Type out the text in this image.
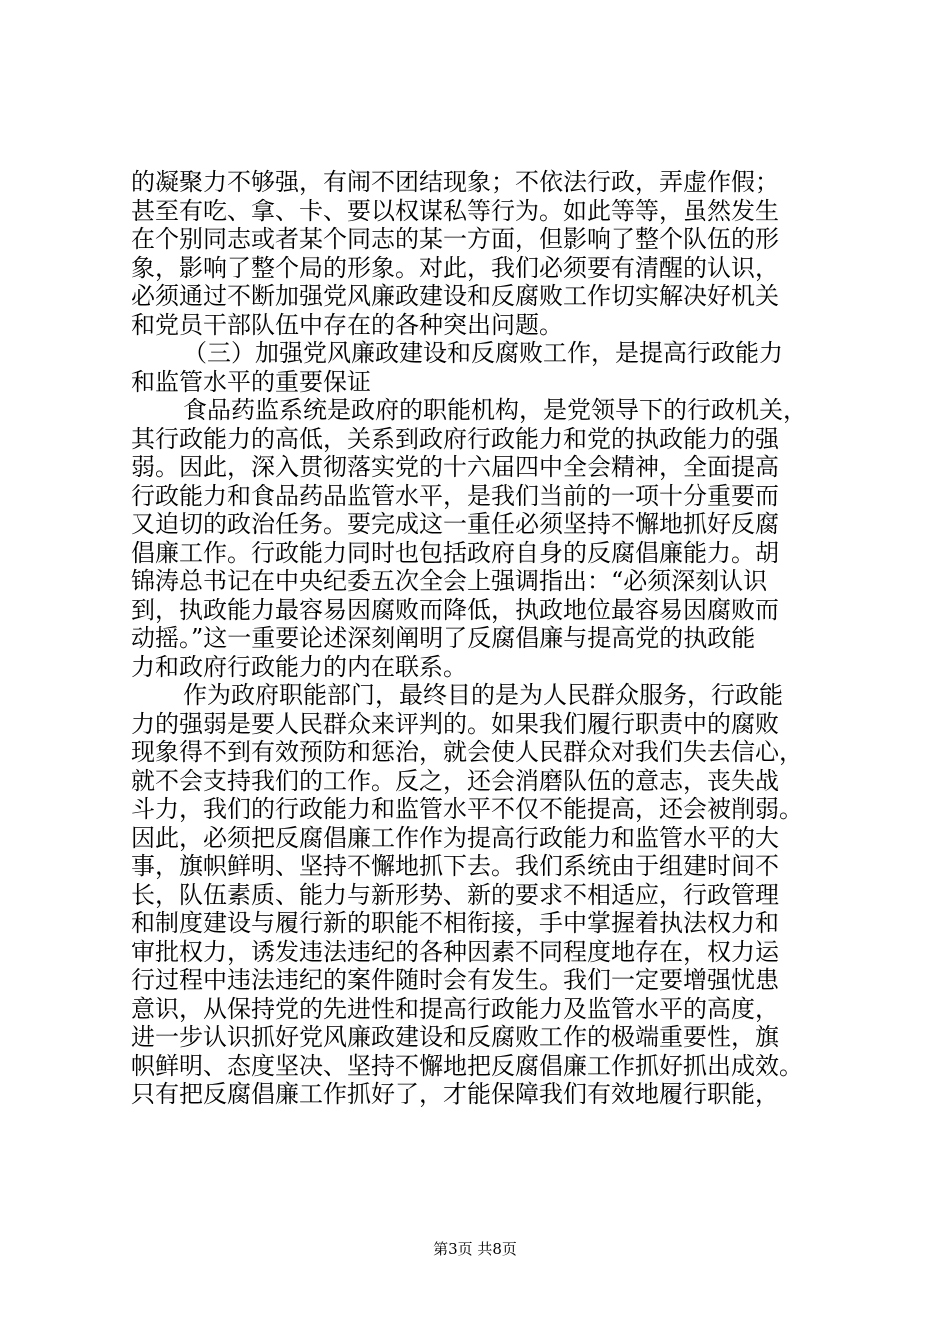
的凝聚力不够强，有闹不团结现象；不依法行政，弄虚作假；
甚至有吃、拿、卡、要以权谋私等行为。如此等等，虽然发生
在个别同志或者某个同志的某一方面，但影响了整个队伍的形
象，影响了整个局的形象。对此，我们必须要有清醒的认识，
必须通过不断加强党风廉政建设和反腐败工作切实解决好机关
和党员干部队伍中存在的各种突出问题。
（三）加强党风廉政建设和反腐败工作，是提高行政能力
和监管水平的重要保证
食品药监系统是政府的职能机构，是党领导下的行政机关，
其行政能力的高低，关系到政府行政能力和党的执政能力的强
弱。因此，深入贯彻落实党的十六届四中全会精神，全面提高
行政能力和食品药品监管水平，是我们当前的一项十分重要而
又迫切的政治任务。要完成这一重任必须坚持不懈地抓好反腐
倡廉工作。行政能力同时也包括政府自身的反腐倡廉能力。胡
锦涛总书记在中央纪委五次全会上强调指出：“必须深刻认识
到，执政能力最容易因腐败而降低，执政地位最容易因腐败而
动摇。”这一重要论述深刻阐明了反腐倡廉与提高党的执政能
力和政府行政能力的内在联系。
作为政府职能部门，最终目的是为人民群众服务，行政能
力的强弱是要人民群众来评判的。如果我们履行职责中的腐败
现象得不到有效预防和惩治，就会使人民群众对我们失去信心，
就不会支持我们的工作。反之，还会消磨队伍的意志，丧失战
斗力，我们的行政能力和监管水平不仅不能提高，还会被削弱。
因此，必须把反腐倡廉工作作为提高行政能力和监管水平的大
事，旗帜鲜明、坚持不懈地抓下去。我们系统由于组建时间不
长，队伍素质、能力与新形势、新的要求不相适应，行政管理
和制度建设与履行新的职能不相衔接，手中掌握着执法权力和
审批权力，诱发违法违纪的各种因素不同程度地存在，权力运
行过程中违法违纪的案件随时会有发生。我们一定要增强忧患
意识，从保持党的先进性和提高行政能力及监管水平的高度，
进一步认识抓好党风廉政建设和反腐败工作的极端重要性，旗
帜鲜明、态度坚决、坚持不懈地把反腐倡廉工作抓好抓出成效。
只有把反腐倡廉工作抓好了，才能保障我们有效地履行职能，
第3页 共8页
